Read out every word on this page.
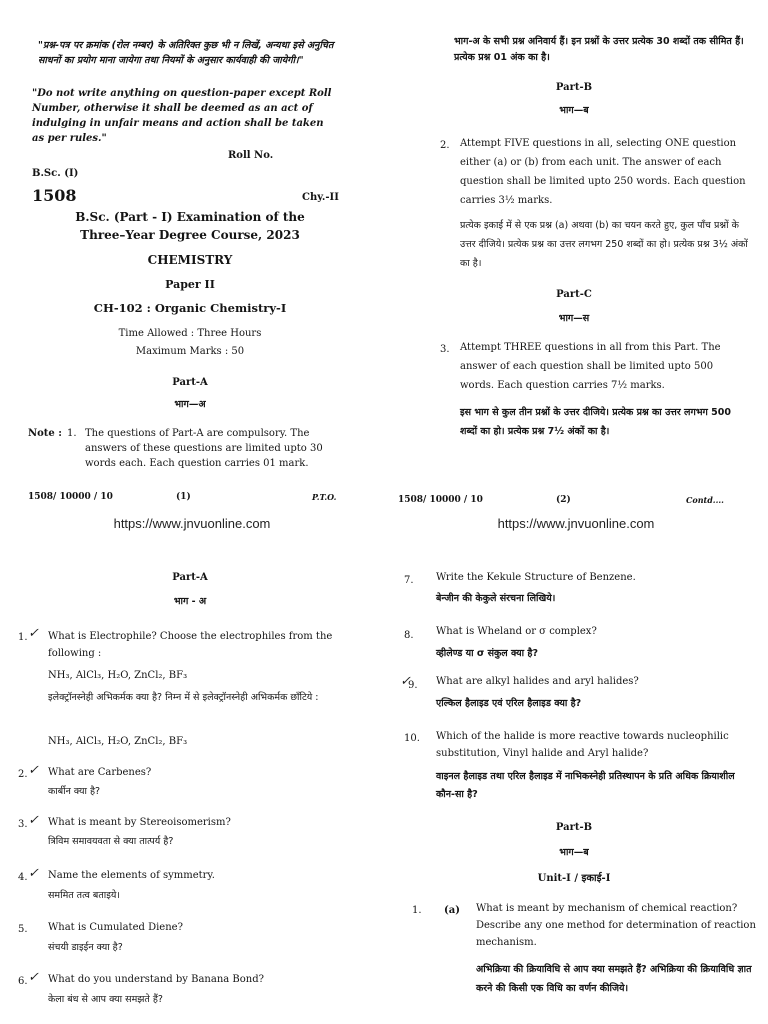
"प्रश्न-पत्र पर क्रमांक (रोल नम्बर) के अतिरिक्त कुछ भी न लिखें, अन्यथा इसे अनुचित साधनों का प्रयोग माना जायेगा तथा नियमों के अनुसार कार्यवाही की जायेगी।"
"Do not write anything on question-paper except Roll Number, otherwise it shall be deemed as an act of indulging in unfair means and action shall be taken as per rules."
Roll No.
B.Sc. (I)
1508	Chy.-II
B.Sc. (Part - I) Examination of the
Three–Year Degree Course, 2023
CHEMISTRY
Paper II
CH-102 : Organic Chemistry-I
Time Allowed : Three Hours
Maximum Marks : 50
Part-A
भाग—अ
Note : 1. The questions of Part-A are compulsory. The answers of these questions are limited upto 30 words each. Each question carries 01 mark.
1508/ 10000 / 10	(1)	P.T.O.
https://www.jnvuonline.com
भाग-अ के सभी प्रश्न अनिवार्य हैं। इन प्रश्नों के उत्तर प्रत्येक 30 शब्दों तक सीमित हैं। प्रत्येक प्रश्न 01 अंक का है।
Part-B
भाग—ब
2. Attempt FIVE questions in all, selecting ONE question either (a) or (b) from each unit. The answer of each question shall be limited upto 250 words. Each question carries 3½ marks.
प्रत्येक इकाई में से एक प्रश्न (a) अथवा (b) का चयन करते हुए, कुल पाँच प्रश्नों के उत्तर दीजिये। प्रत्येक प्रश्न का उत्तर लगभग 250 शब्दों का हो। प्रत्येक प्रश्न 3½ अंकों का है।
Part-C
भाग—स
3. Attempt THREE questions in all from this Part. The answer of each question shall be limited upto 500 words. Each question carries 7½ marks.
इस भाग से कुल तीन प्रश्नों के उत्तर दीजिये। प्रत्येक प्रश्न का उत्तर लगभग 500 शब्दों का हो। प्रत्येक प्रश्न 7½ अंकों का है।
1508/ 10000 / 10	(2)	Contd....
https://www.jnvuonline.com
Part-A
भाग - अ
1. ✓ What is Electrophile? Choose the electrophiles from the following :
NH₃, AlCl₃, H₂O, ZnCl₂, BF₃
इलेक्ट्रॉनस्नेही अभिकर्मक क्या है? निम्न में से इलेक्ट्रॉनस्नेही अभिकर्मक छाँटिये :
NH₃, AlCl₃, H₂O, ZnCl₂, BF₃
2. ✓ What are Carbenes?
कार्बीन क्या है?
3. ✓ What is meant by Stereoisomerism?
त्रिविम समावयवता से क्या तात्पर्य है?
4. ✓ Name the elements of symmetry.
सममित तत्व बताइये।
5. What is Cumulated Diene?
संचयी डाइईन क्या है?
6. ✓ What do you understand by Banana Bond?
केला बंध से आप क्या समझते हैं?
7. Write the Kekule Structure of Benzene.
बेन्जीन की केकुले संरचना लिखिये।
8. What is Wheland or σ complex?
व्हीलेण्ड या σ संकुल क्या है?
✓
9. What are alkyl halides and aryl halides?
एल्किल हैलाइड एवं एरिल हैलाइड क्या है?
10. Which of the halide is more reactive towards nucleophilic substitution, Vinyl halide and Aryl halide?
वाइनल हैलाइड तथा एरिल हैलाइड में नाभिकस्नेही प्रतिस्थापन के प्रति अधिक क्रियाशील कौन-सा है?
Part-B
भाग—ब
Unit-I / इकाई-I
1. (a) What is meant by mechanism of chemical reaction? Describe any one method for determination of reaction mechanism.
अभिक्रिया की क्रियाविधि से आप क्या समझते हैं? अभिक्रिया की क्रियाविधि ज्ञात करने की किसी एक विधि का वर्णन कीजिये।
